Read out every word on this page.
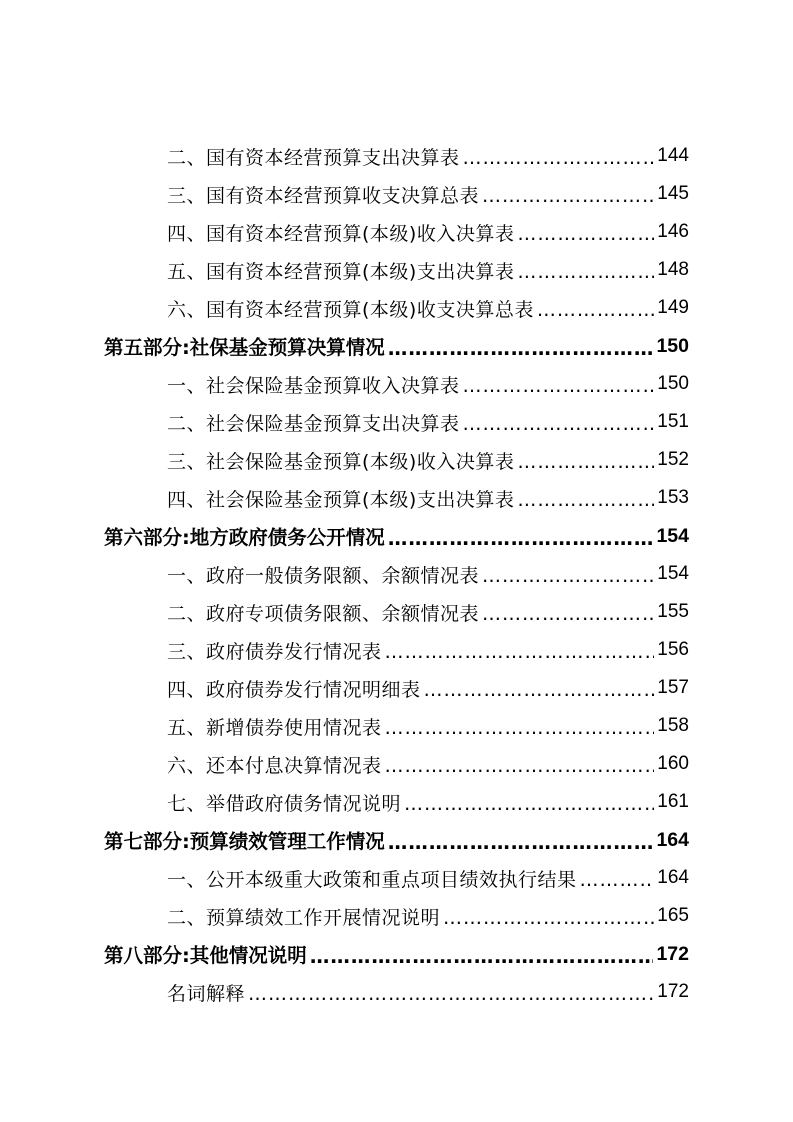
二、国有资本经营预算支出决算表 …………………………………………………………………………………………………………………………………………	144
三、国有资本经营预算收支决算总表 …………………………………………………………………………………………………………………………………………	145
四、国有资本经营预算(本级)收入决算表 …………………………………………………………………………………………………………………………………………	146
五、国有资本经营预算(本级)支出决算表 …………………………………………………………………………………………………………………………………………	148
六、国有资本经营预算(本级)收支决算总表 …………………………………………………………………………………………………………………………………………	149
第五部分:社保基金预算决算情况 …………………………………………………………………………………………………………………………………………	150
一、社会保险基金预算收入决算表 …………………………………………………………………………………………………………………………………………	150
二、社会保险基金预算支出决算表 …………………………………………………………………………………………………………………………………………	151
三、社会保险基金预算(本级)收入决算表 …………………………………………………………………………………………………………………………………………	152
四、社会保险基金预算(本级)支出决算表 …………………………………………………………………………………………………………………………………………	153
第六部分:地方政府债务公开情况 …………………………………………………………………………………………………………………………………………	154
一、政府一般债务限额、余额情况表 …………………………………………………………………………………………………………………………………………	154
二、政府专项债务限额、余额情况表 …………………………………………………………………………………………………………………………………………	155
三、政府债券发行情况表 …………………………………………………………………………………………………………………………………………	156
四、政府债券发行情况明细表 …………………………………………………………………………………………………………………………………………	157
五、新增债券使用情况表 …………………………………………………………………………………………………………………………………………	158
六、还本付息决算情况表 …………………………………………………………………………………………………………………………………………	160
七、举借政府债务情况说明 …………………………………………………………………………………………………………………………………………	161
第七部分:预算绩效管理工作情况 …………………………………………………………………………………………………………………………………………	164
一、公开本级重大政策和重点项目绩效执行结果 …………………………………………………………………………………………………………………………………………	164
二、预算绩效工作开展情况说明 …………………………………………………………………………………………………………………………………………	165
第八部分:其他情况说明 …………………………………………………………………………………………………………………………………………	172
名词解释 …………………………………………………………………………………………………………………………………………	172
